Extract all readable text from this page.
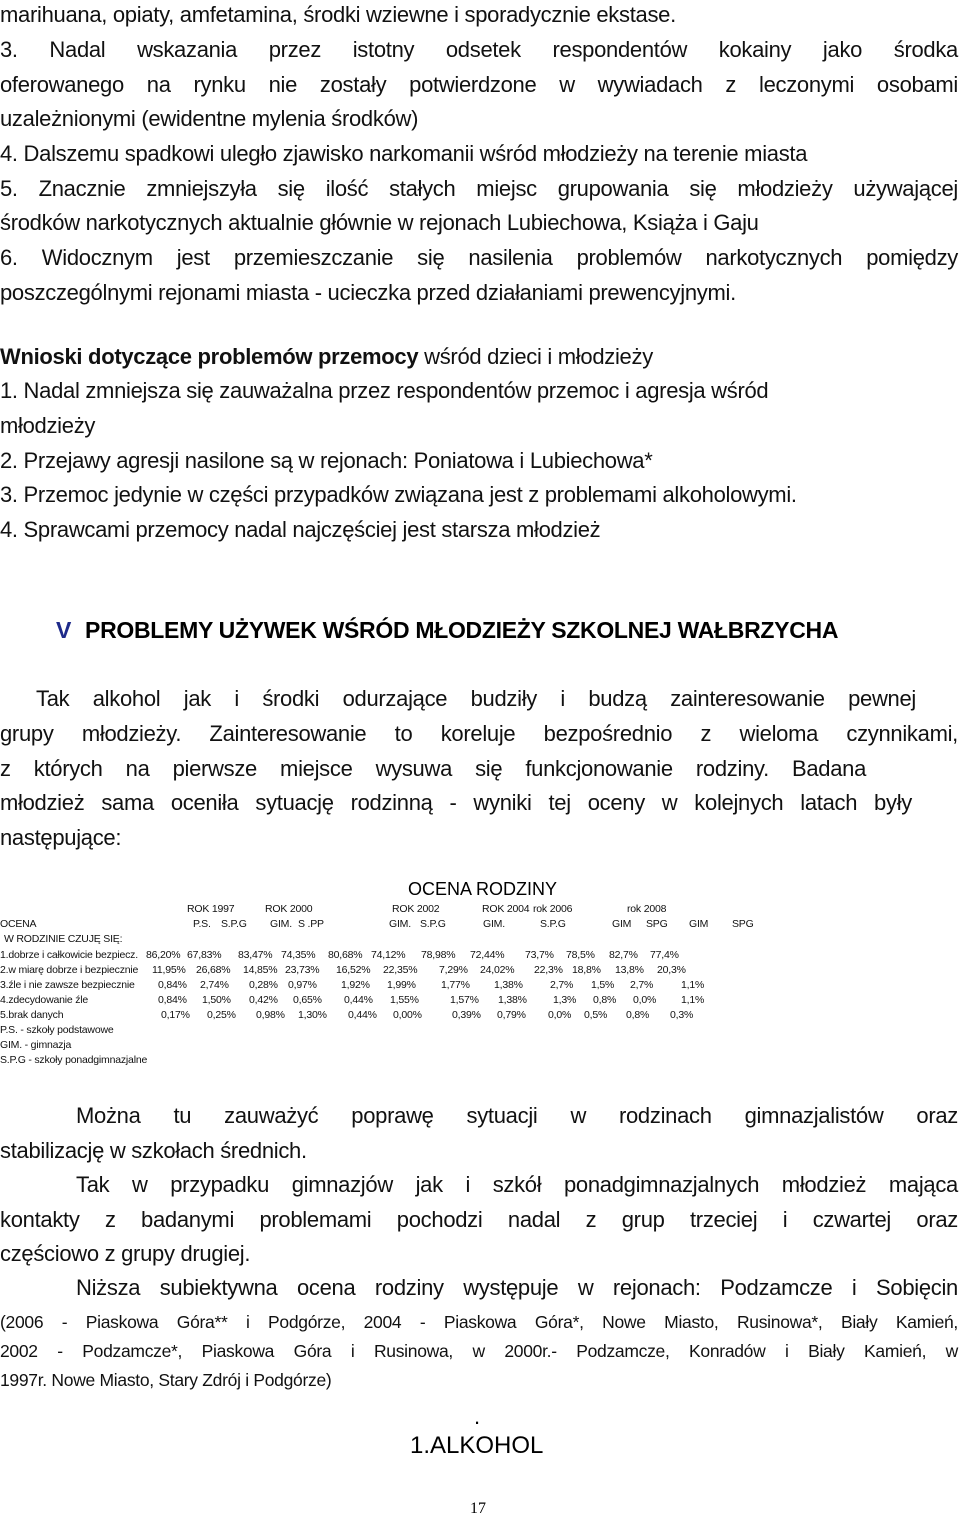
marihuana, opiaty, amfetamina, środki wziewne i sporadycznie ekstase.
3. Nadal wskazania przez istotny odsetek respondentów kokainy jako środka
oferowanego na rynku nie zostały potwierdzone w wywiadach z leczonymi osobami
uzależnionymi (ewidentne mylenia środków)
4. Dalszemu spadkowi uległo zjawisko narkomanii wśród młodzieży na terenie miasta
5. Znacznie zmniejszyła się ilość stałych miejsc grupowania się młodzieży używającej
środków narkotycznych aktualnie głównie w rejonach Lubiechowa, Książa i Gaju
6. Widocznym jest przemieszczanie się nasilenia problemów narkotycznych pomiędzy
poszczególnymi rejonami miasta - ucieczka przed działaniami prewencyjnymi.
Wnioski dotyczące problemów przemocy wśród dzieci i młodzieży
1. Nadal zmniejsza się zauważalna przez respondentów przemoc i agresja wśród
młodzieży
2. Przejawy agresji nasilone są w rejonach: Poniatowa i Lubiechowa*
3. Przemoc jedynie w części przypadków związana jest z problemami alkoholowymi.
4. Sprawcami przemocy nadal najczęściej jest starsza młodzież
V PROBLEMY UŻYWEK WŚRÓD MŁODZIEŻY SZKOLNEJ WAŁBRZYCHA
Tak alkohol jak i środki odurzające budziły i budzą zainteresowanie pewnej
grupy młodzieży. Zainteresowanie to koreluje bezpośrednio z wieloma czynnikami,
z których na pierwsze miejsce wysuwa się funkcjonowanie rodziny. Badana
młodzież sama oceniła sytuację rodzinną - wyniki tej oceny w kolejnych latach były
następujące:
OCENA RODZINY
ROK 1997	ROK 2000	ROK 2002	ROK 2004 rok 2006	rok 2008
OCENA	P.S. S.P.G GIM. S .PP	GIM. S.P.G	GIM.	S.P.G	GIM SPG GIM SPG
W RODZINIE CZUJĘ SIĘ:
1.dobrze i całkowicie bezpiecz. 86,20% 67,83% 83,47% 74,35% 80,68% 74,12% 78,98% 72,44% 73,7% 78,5% 82,7% 77,4%
2.w miarę dobrze i bezpiecznie 11,95% 26,68% 14,85% 23,73% 16,52% 22,35% 7,29% 24,02% 22,3% 18,8% 13,8% 20,3%
3.źle i nie zawsze bezpiecznie 0,84% 2,74% 0,28% 0,97% 1,92% 1,99% 1,77% 1,38%	2,7% 1,5% 2,7%	1,1%
4.zdecydowanie źle	0,84% 1,50% 0,42% 0,65% 0,44% 1,55%	1,57% 1,38% 1,3% 0,8% 0,0% 1,1%
5.brak danych	0,17% 0,25% 0,98% 1,30% 0,44% 0,00%	0,39% 0,79% 0,0% 0,5% 0,8% 0,3%
P.S. - szkoły podstawowe
GIM. - gimnazja
S.P.G - szkoły ponadgimnazjalne
Można tu zauważyć poprawę sytuacji w rodzinach gimnazjalistów oraz
stabilizację w szkołach średnich.
Tak w przypadku gimnazjów jak i szkół ponadgimnazjalnych młodzież mająca
kontakty z badanymi problemami pochodzi nadal z grup trzeciej i czwartej oraz
częściowo z grupy drugiej.
Niższa subiektywna ocena rodziny występuje w rejonach: Podzamcze i Sobięcin
(2006 - Piaskowa Góra** i Podgórze, 2004 - Piaskowa Góra*, Nowe Miasto, Rusinowa*, Biały Kamień,
2002 - Podzamcze*, Piaskowa Góra i Rusinowa, w 2000r.- Podzamcze, Konradów i Biały Kamień, w
1997r. Nowe Miasto, Stary Zdrój i Podgórze)
.
1.ALKOHOL
17
